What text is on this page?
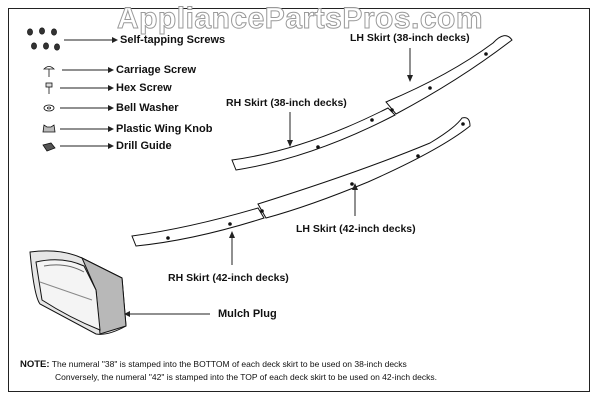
AppliancePartsPros.com
Self-tapping Screws
Carriage Screw
Hex Screw
Bell Washer
Plastic Wing Knob
Drill Guide
LH Skirt (38-inch decks)
RH Skirt (38-inch decks)
LH Skirt (42-inch decks)
RH Skirt (42-inch decks)
Mulch Plug
NOTE: The numeral "38" is stamped into the BOTTOM of each deck skirt to be used on 38-inch decks
Conversely, the numeral "42" is stamped into the TOP of each deck skirt to be used on 42-inch decks.
